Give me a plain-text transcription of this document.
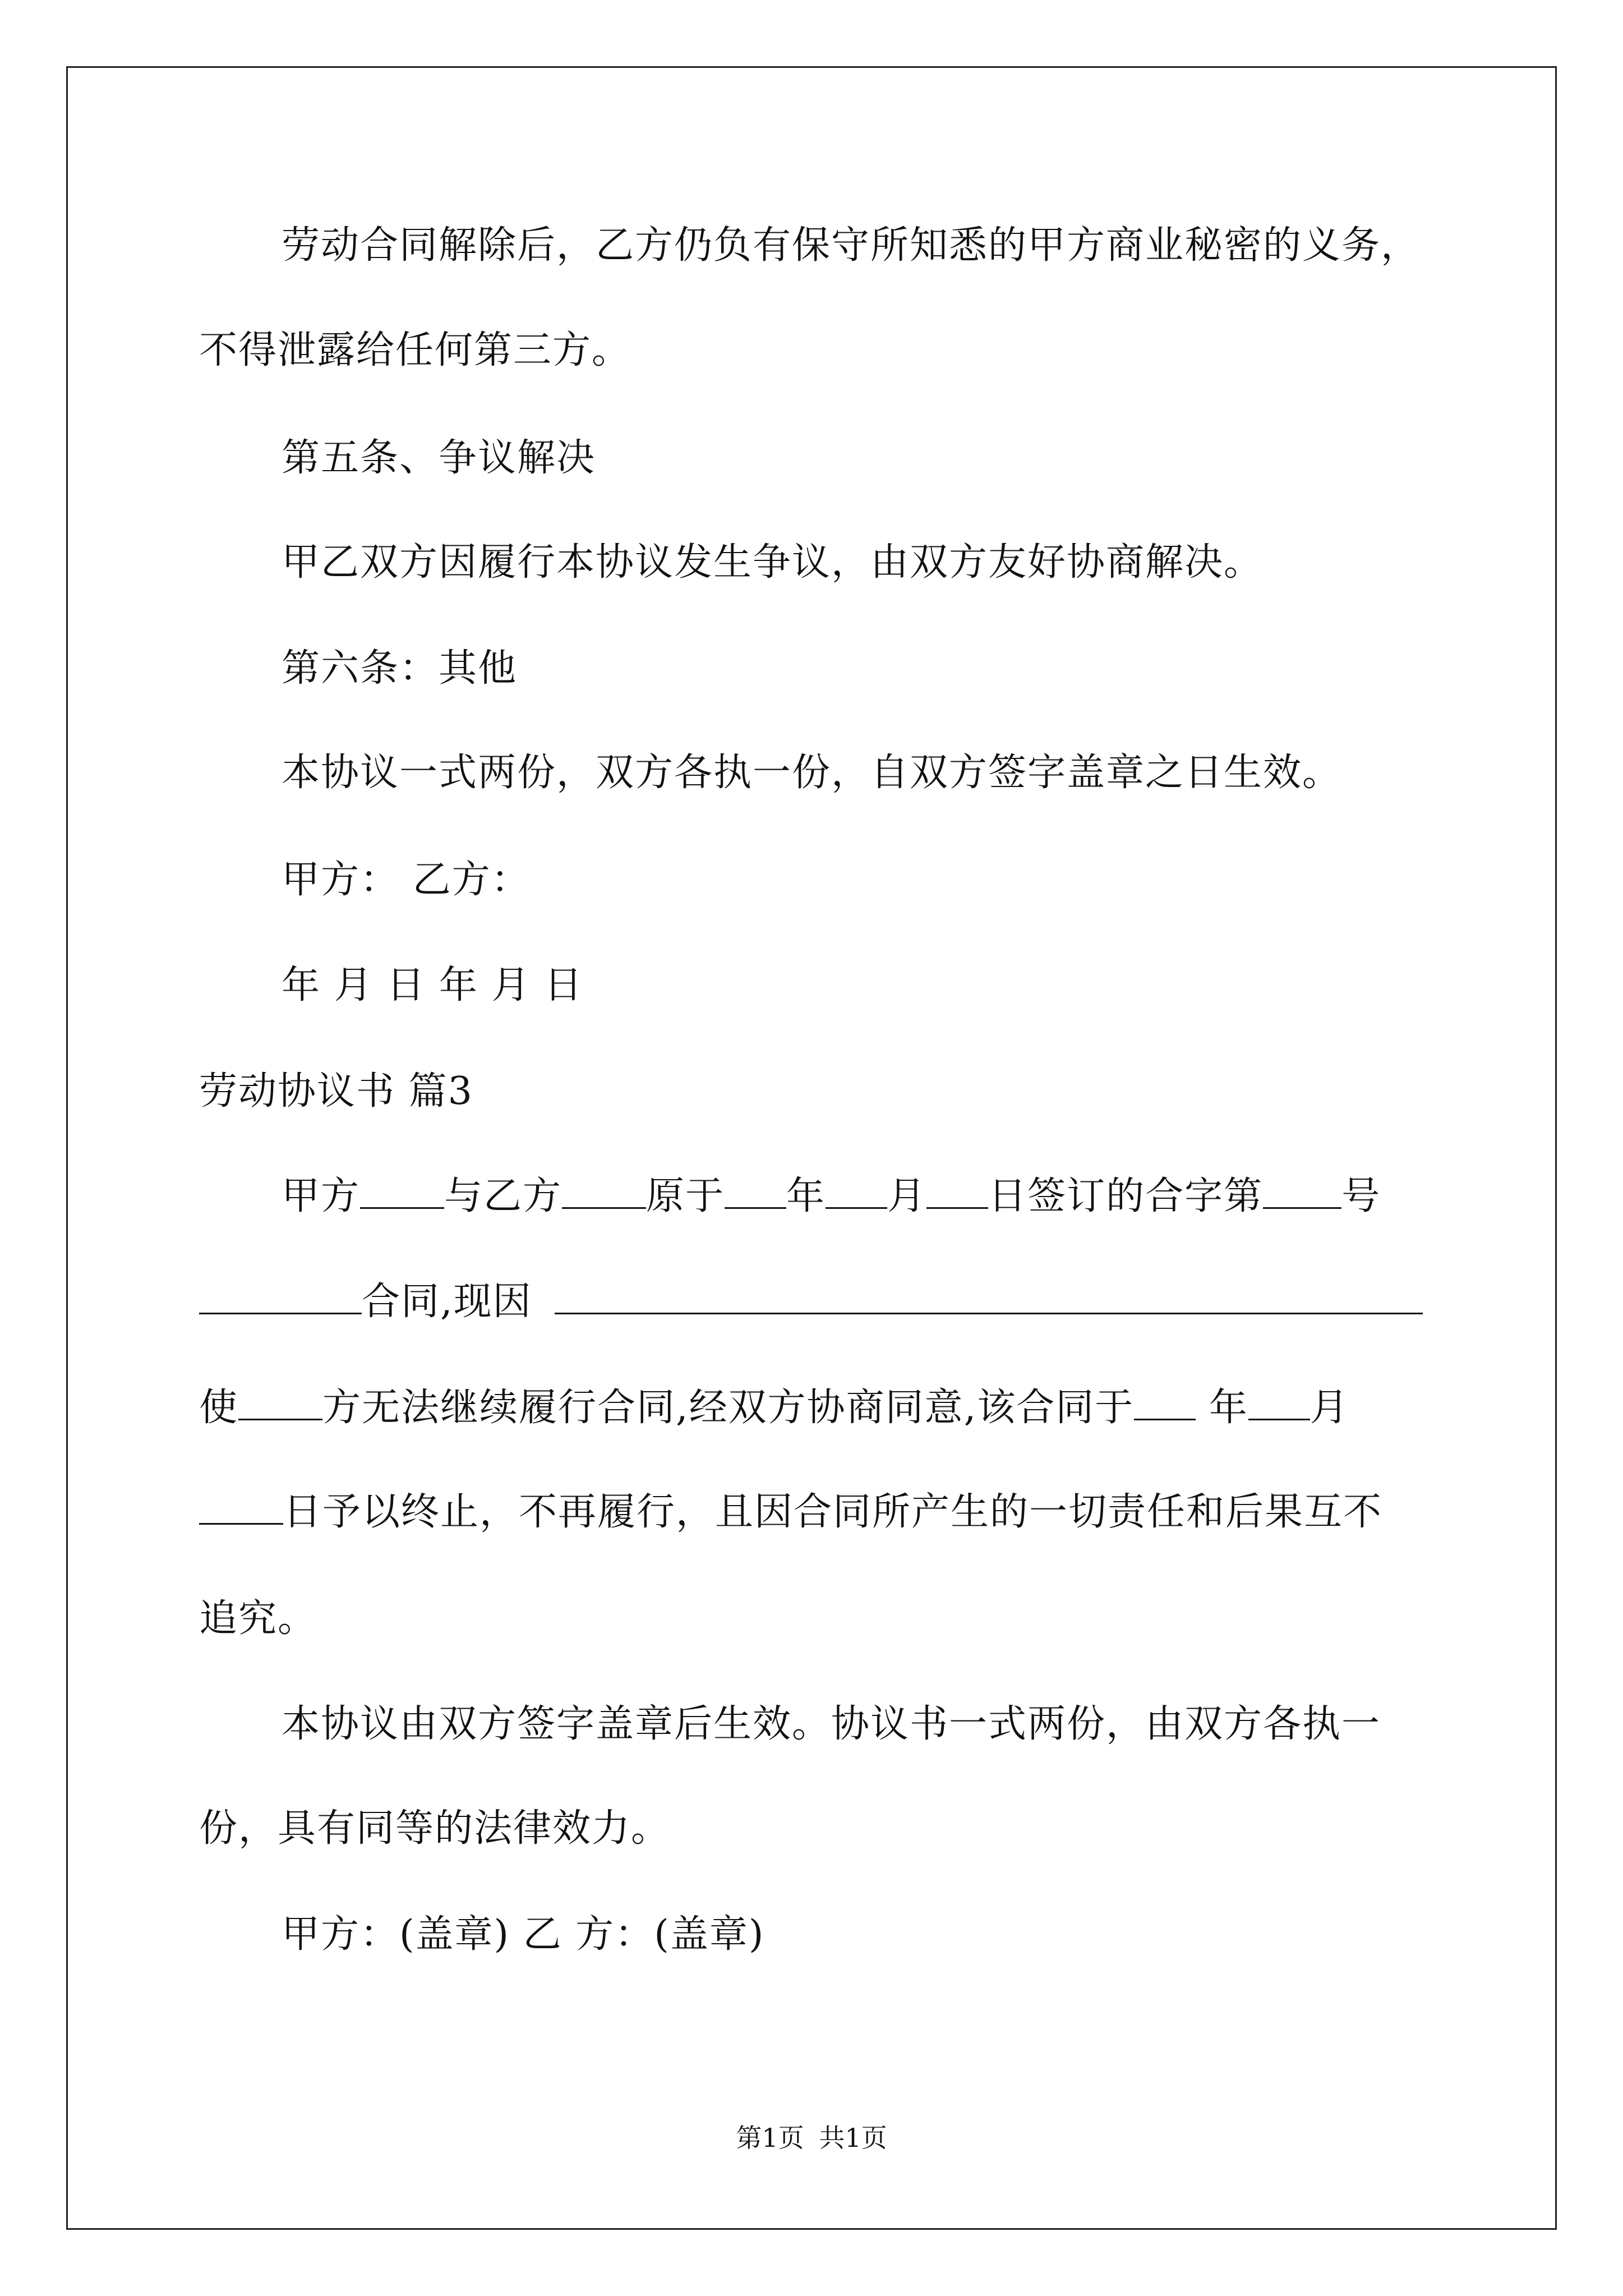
劳动合同解除后，乙方仍负有保守所知悉的甲方商业秘密的义务，
不得泄露给任何第三方。
第五条、争议解决
甲乙双方因履行本协议发生争议，由双方友好协商解决。
第六条：其他
本协议一式两份，双方各执一份，自双方签字盖章之日生效。
甲方： 乙方：
年 月 日 年 月 日
劳动协议书 篇3
甲方 与乙方 原于 年 月 日签订的合字第 号
合同,现因
使 方无法继续履行合同,经双方协商同意,该合同于 年 月
日予以终止，不再履行，且因合同所产生的一切责任和后果互不
追究。
本协议由双方签字盖章后生效。协议书一式两份，由双方各执一
份，具有同等的法律效力。
甲方：(盖章) 乙 方：(盖章)
第1页 共1页
